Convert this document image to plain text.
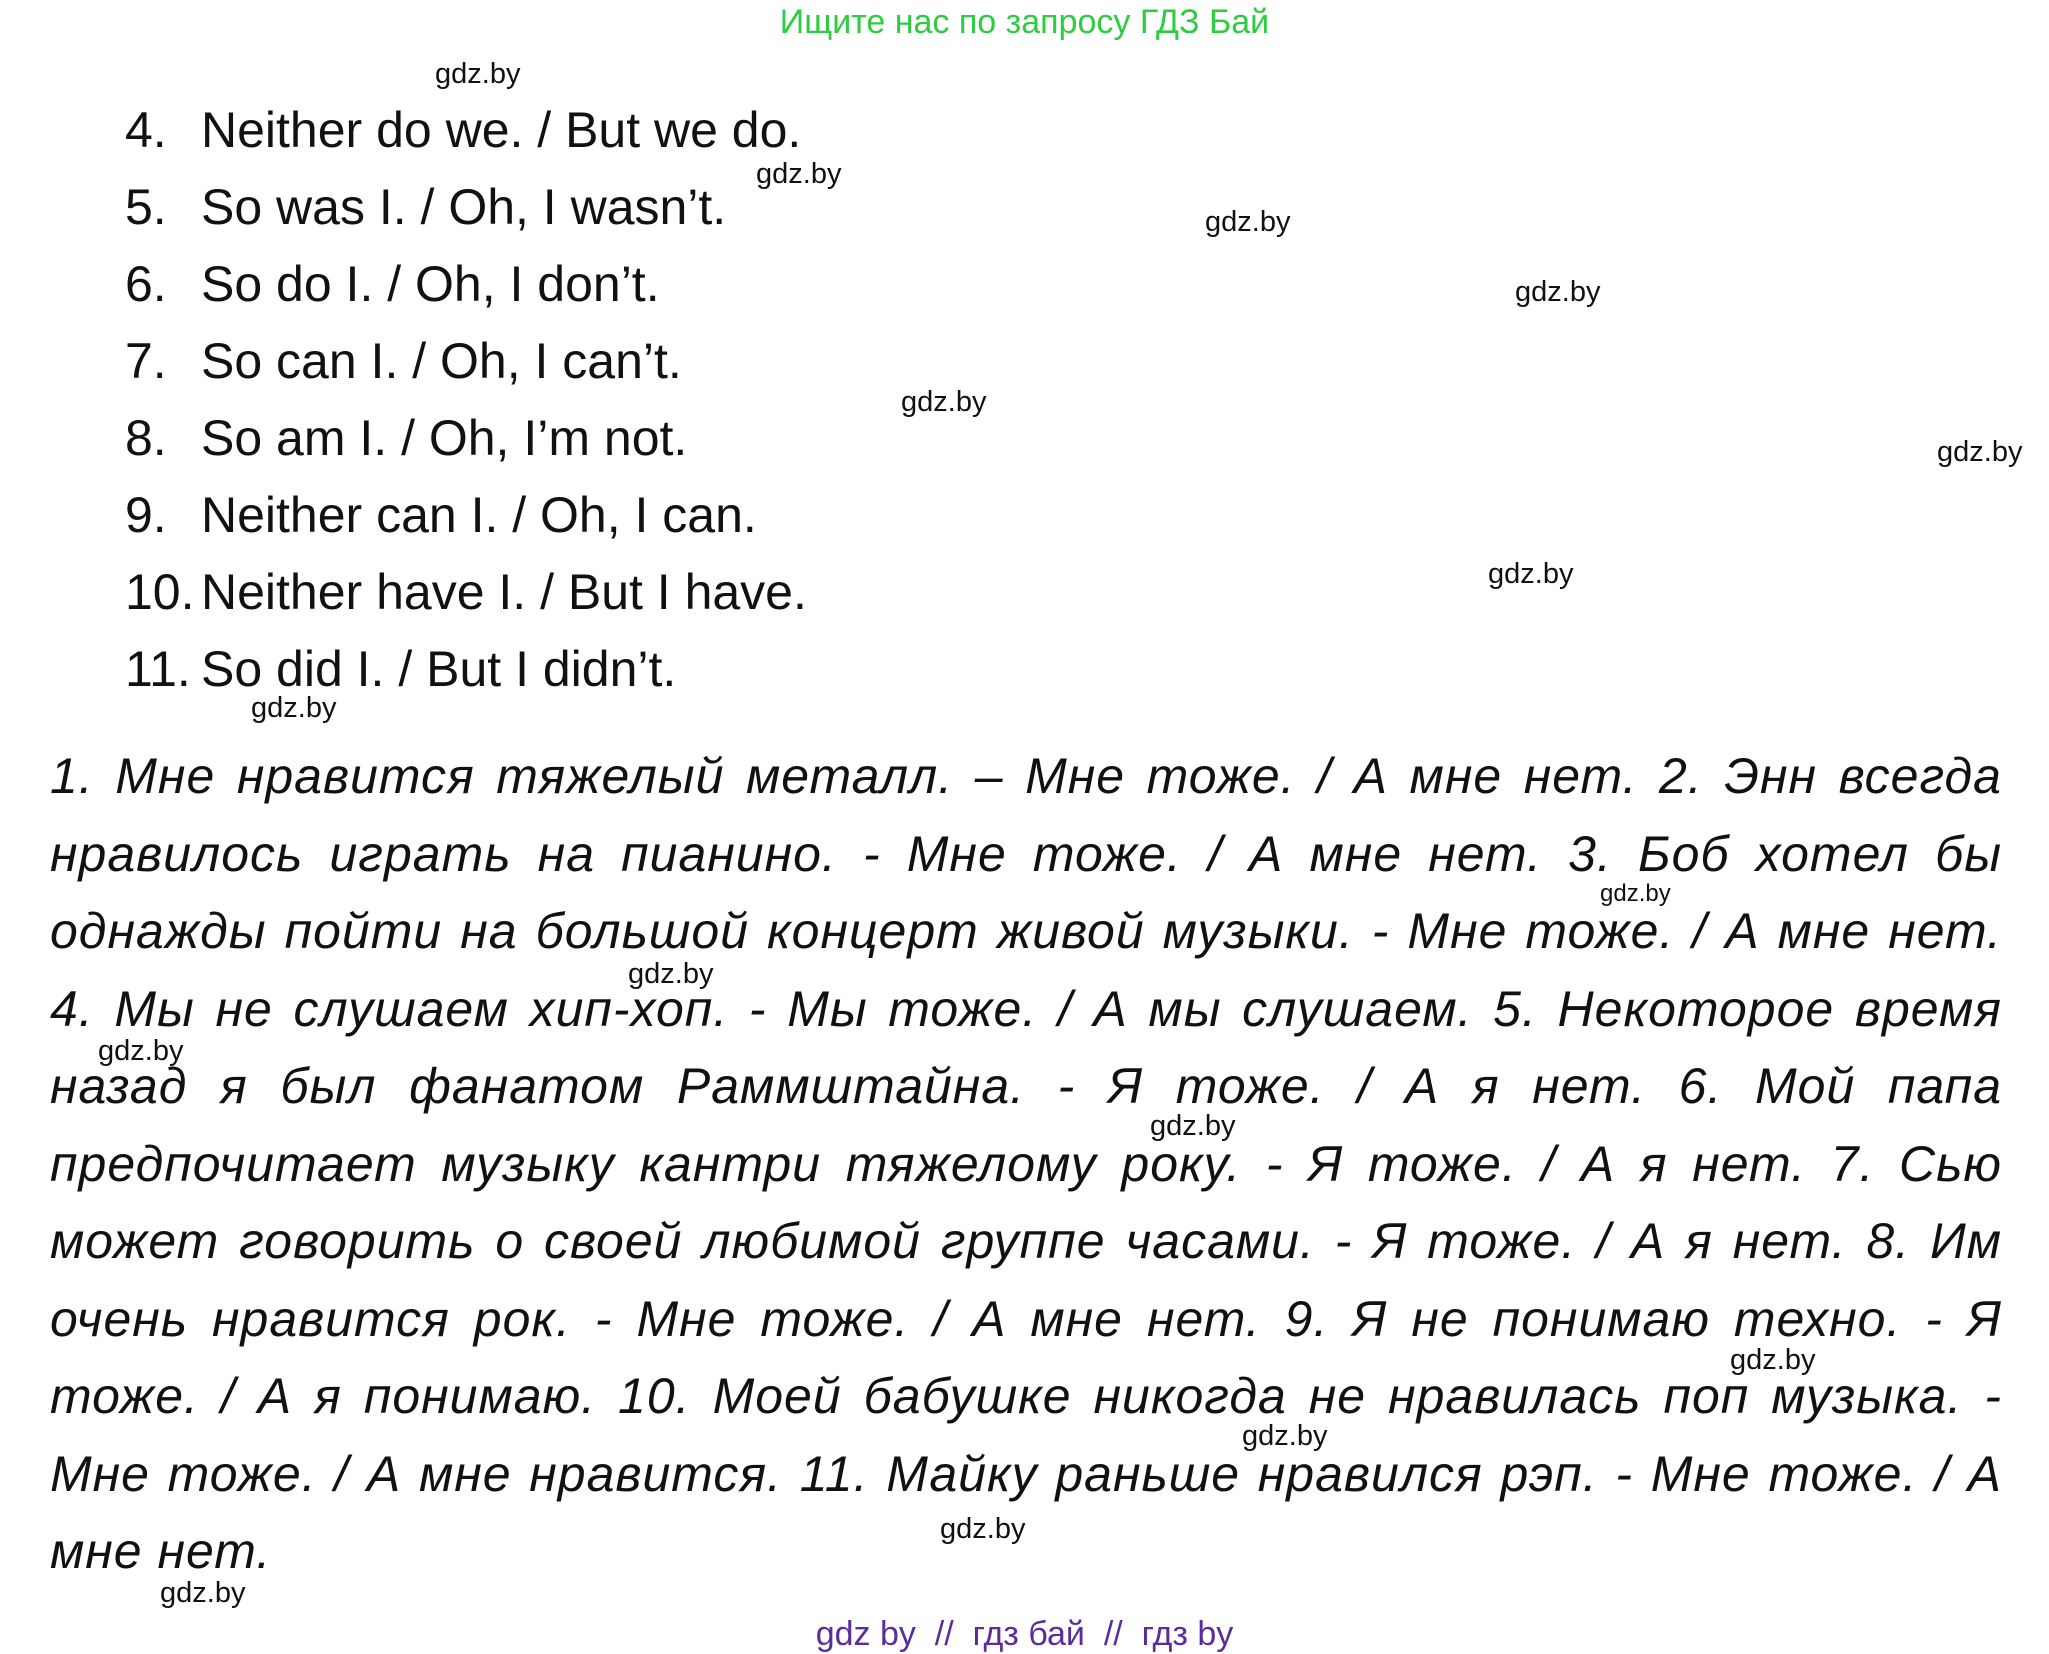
Ищите нас по запросу ГДЗ Бай
4. Neither do we. / But we do.
5. So was I. / Oh, I wasn’t.
6. So do I. / Oh, I don’t.
7. So can I. / Oh, I can’t.
8. So am I. / Oh, I’m not.
9. Neither can I. / Oh, I can.
10. Neither have I. / But I have.
11. So did I. / But I didn’t.

1. Мне нравится тяжелый металл. – Мне тоже. / А мне нет. 2. Энн всегда нравилось играть на пианино. - Мне тоже. / А мне нет. 3. Боб хотел бы однажды пойти на большой концерт живой музыки. - Мне тоже. / А мне нет. 4. Мы не слушаем хип-хоп. - Мы тоже. / А мы слушаем. 5. Некоторое время назад я был фанатом Раммштайна. - Я тоже. / А я нет. 6. Мой папа предпочитает музыку кантри тяжелому року. - Я тоже. / А я нет. 7. Сью может говорить о своей любимой группе часами. - Я тоже. / А я нет. 8. Им очень нравится рок. - Мне тоже. / А мне нет. 9. Я не понимаю техно. - Я тоже. / А я понимаю. 10. Моей бабушке никогда не нравилась поп музыка. - Мне тоже. / А мне нравится. 11. Майку раньше нравился рэп. - Мне тоже. / А мне нет.

gdz.by
gdz.by
gdz.by
gdz.by
gdz.by
gdz.by
gdz.by
gdz.by
gdz.by
gdz.by
gdz.by
gdz.by
gdz.by
gdz.by
gdz.by
gdz.by
gdz by  //  гдз бай  //  гдз by
